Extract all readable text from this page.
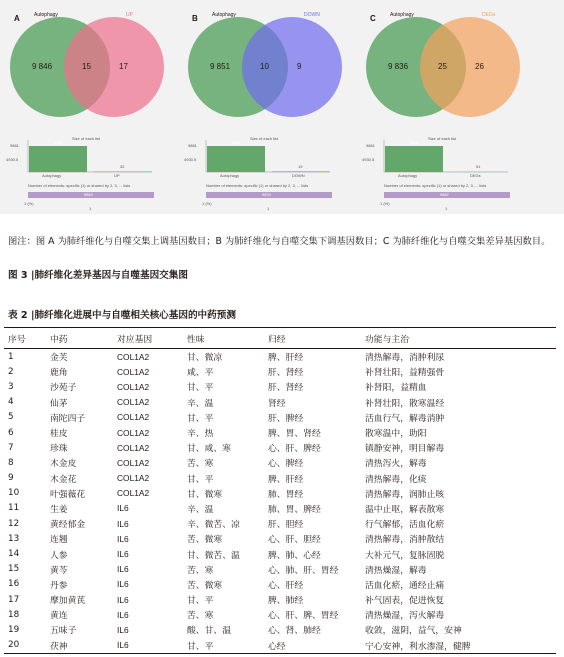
A	Autophagy	UP
9 846	15	17
Size of each list
9861
4930.5
Autophagy	UP
9861
32
Number of elements: specific (1) or shared by 2, 3, ... lists
9863
1 (%)
1
B	Autophagy	DOWN
9 851	10	9
Size of each list
9861
4930.5
Autophagy	DOWN
9861
19
Number of elements: specific (1) or shared by 2, 3, ... lists
9870
1 (%)
1
C	Autophagy	DEGs
9 836	25	26
Size of each list
9861
4930.5
Autophagy	DEGs
9861
51
Number of elements: specific (1) or shared by 2, 3, ... lists
9887
1 (%)
1
图注：图 A 为肺纤维化与自噬交集上调基因数目；B 为肺纤维化与自噬交集下调基因数目；C 为肺纤维化与自噬交集差异基因数目。
图 3 |肺纤维化差异基因与自噬基因交集图
表 2 |肺纤维化进展中与自噬相关核心基因的中药预测
序号	中药	对应基因	性味	归经	功能与主治
1	金芙	COL1A2	甘、微凉	脾、肝经	清热解毒，消肿利尿
2	鹿角	COL1A2	咸、平	肝、肾经	补肾壮阳，益精强骨
3	沙苑子	COL1A2	甘、平	肝、肾经	补肾阳，益精血
4	仙茅	COL1A2	辛、温	肾经	补肾壮阳，散寒温经
5	南陀四子	COL1A2	甘、平	肝、脾经	活血行气，解毒消肿
6	桂皮	COL1A2	辛、热	脾、胃、肾经	散寒温中，助阳
7	珍珠	COL1A2	甘、咸、寒	心、肝、脾经	镇静安神，明目解毒
8	木金皮	COL1A2	苦、寒	心、脾经	清热泻火，解毒
9	木金花	COL1A2	甘、平	脾、肝经	清热解毒，化痰
10	叶强薇花	COL1A2	甘、微寒	肺、胃经	清热解毒，润肺止咳
11	生姜	IL6	辛、温	肺、胃、脾经	温中止呕，解表散寒
12	黄经郁金	IL6	辛、微苦、凉	肝、胆经	行气解郁，活血化瘀
13	连翘	IL6	苦、微寒	心、肝、胆经	清热解毒，消肿散结
14	人参	IL6	甘、微苦、温	脾、肺、心经	大补元气，复脉固脱
15	黄芩	IL6	苦、寒	心、肺、肝、胃经	清热燥湿，解毒
16	丹参	IL6	苦、微寒	心、肝经	活血化瘀，通经止痛
17	摩加黄芪	IL6	甘、平	脾、肺经	补气固表，促进恢复
18	黄连	IL6	苦、寒	心、肝、脾、胃经	清热燥湿，泻火解毒
19	五味子	IL6	酸、甘、温	心、肾、肺经	收敛，滋阴，益气，安神
20	茯神	IL6	甘、平	心经	宁心安神，利水渗湿，健脾
